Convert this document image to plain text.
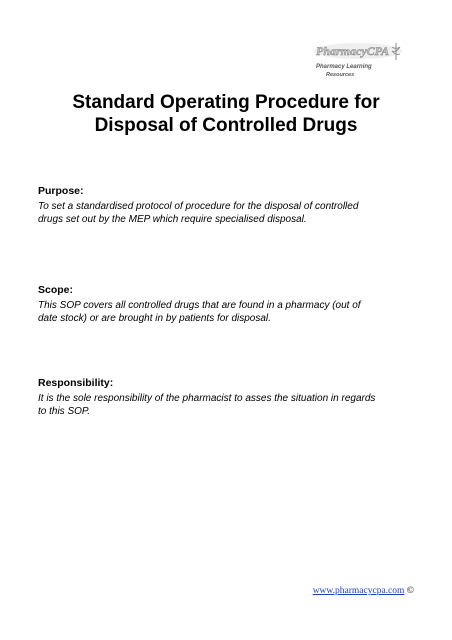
PharmacyCPA
Pharmacy Learning
Resources
Standard Operating Procedure for
Disposal of Controlled Drugs
Purpose:

To set a standardised protocol of procedure for the disposal of controlled
drugs set out by the MEP which require specialised disposal.

Scope:

This SOP covers all controlled drugs that are found in a pharmacy (out of
date stock) or are brought in by patients for disposal.

Responsibility:

It is the sole responsibility of the pharmacist to asses the situation in regards
to this SOP.

www.pharmacycpa.com ©
